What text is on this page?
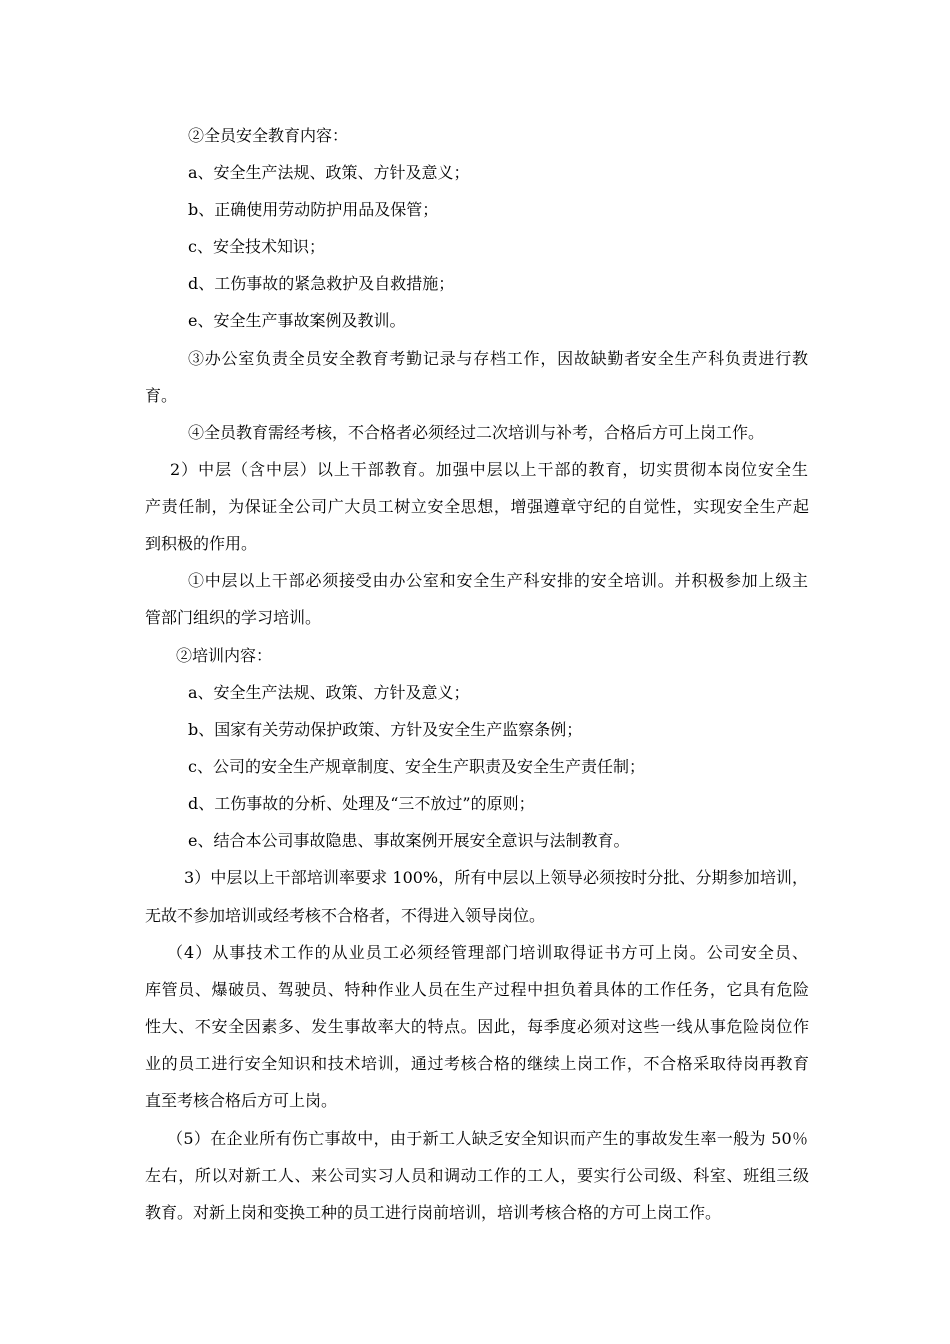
②全员安全教育内容：
a、安全生产法规、政策、方针及意义；
b、正确使用劳动防护用品及保管；
c、安全技术知识；
d、工伤事故的紧急救护及自救措施；
e、安全生产事故案例及教训。
③办公室负责全员安全教育考勤记录与存档工作，因故缺勤者安全生产科负责进行教
育。
④全员教育需经考核，不合格者必须经过二次培训与补考，合格后方可上岗工作。
2）中层（含中层）以上干部教育。加强中层以上干部的教育，切实贯彻本岗位安全生
产责任制，为保证全公司广大员工树立安全思想，增强遵章守纪的自觉性，实现安全生产起
到积极的作用。
①中层以上干部必须接受由办公室和安全生产科安排的安全培训。并积极参加上级主
管部门组织的学习培训。
②培训内容：
a、安全生产法规、政策、方针及意义；
b、国家有关劳动保护政策、方针及安全生产监察条例；
c、公司的安全生产规章制度、安全生产职责及安全生产责任制；
d、工伤事故的分析、处理及“三不放过”的原则；
e、结合本公司事故隐患、事故案例开展安全意识与法制教育。
3）中层以上干部培训率要求 100%，所有中层以上领导必须按时分批、分期参加培训，
无故不参加培训或经考核不合格者，不得进入领导岗位。
（4）从事技术工作的从业员工必须经管理部门培训取得证书方可上岗。公司安全员、
库管员、爆破员、驾驶员、特种作业人员在生产过程中担负着具体的工作任务，它具有危险
性大、不安全因素多、发生事故率大的特点。因此，每季度必须对这些一线从事危险岗位作
业的员工进行安全知识和技术培训，通过考核合格的继续上岗工作，不合格采取待岗再教育
直至考核合格后方可上岗。
（5）在企业所有伤亡事故中，由于新工人缺乏安全知识而产生的事故发生率一般为 50％
左右，所以对新工人、来公司实习人员和调动工作的工人，要实行公司级、科室、班组三级
教育。对新上岗和变换工种的员工进行岗前培训，培训考核合格的方可上岗工作。
